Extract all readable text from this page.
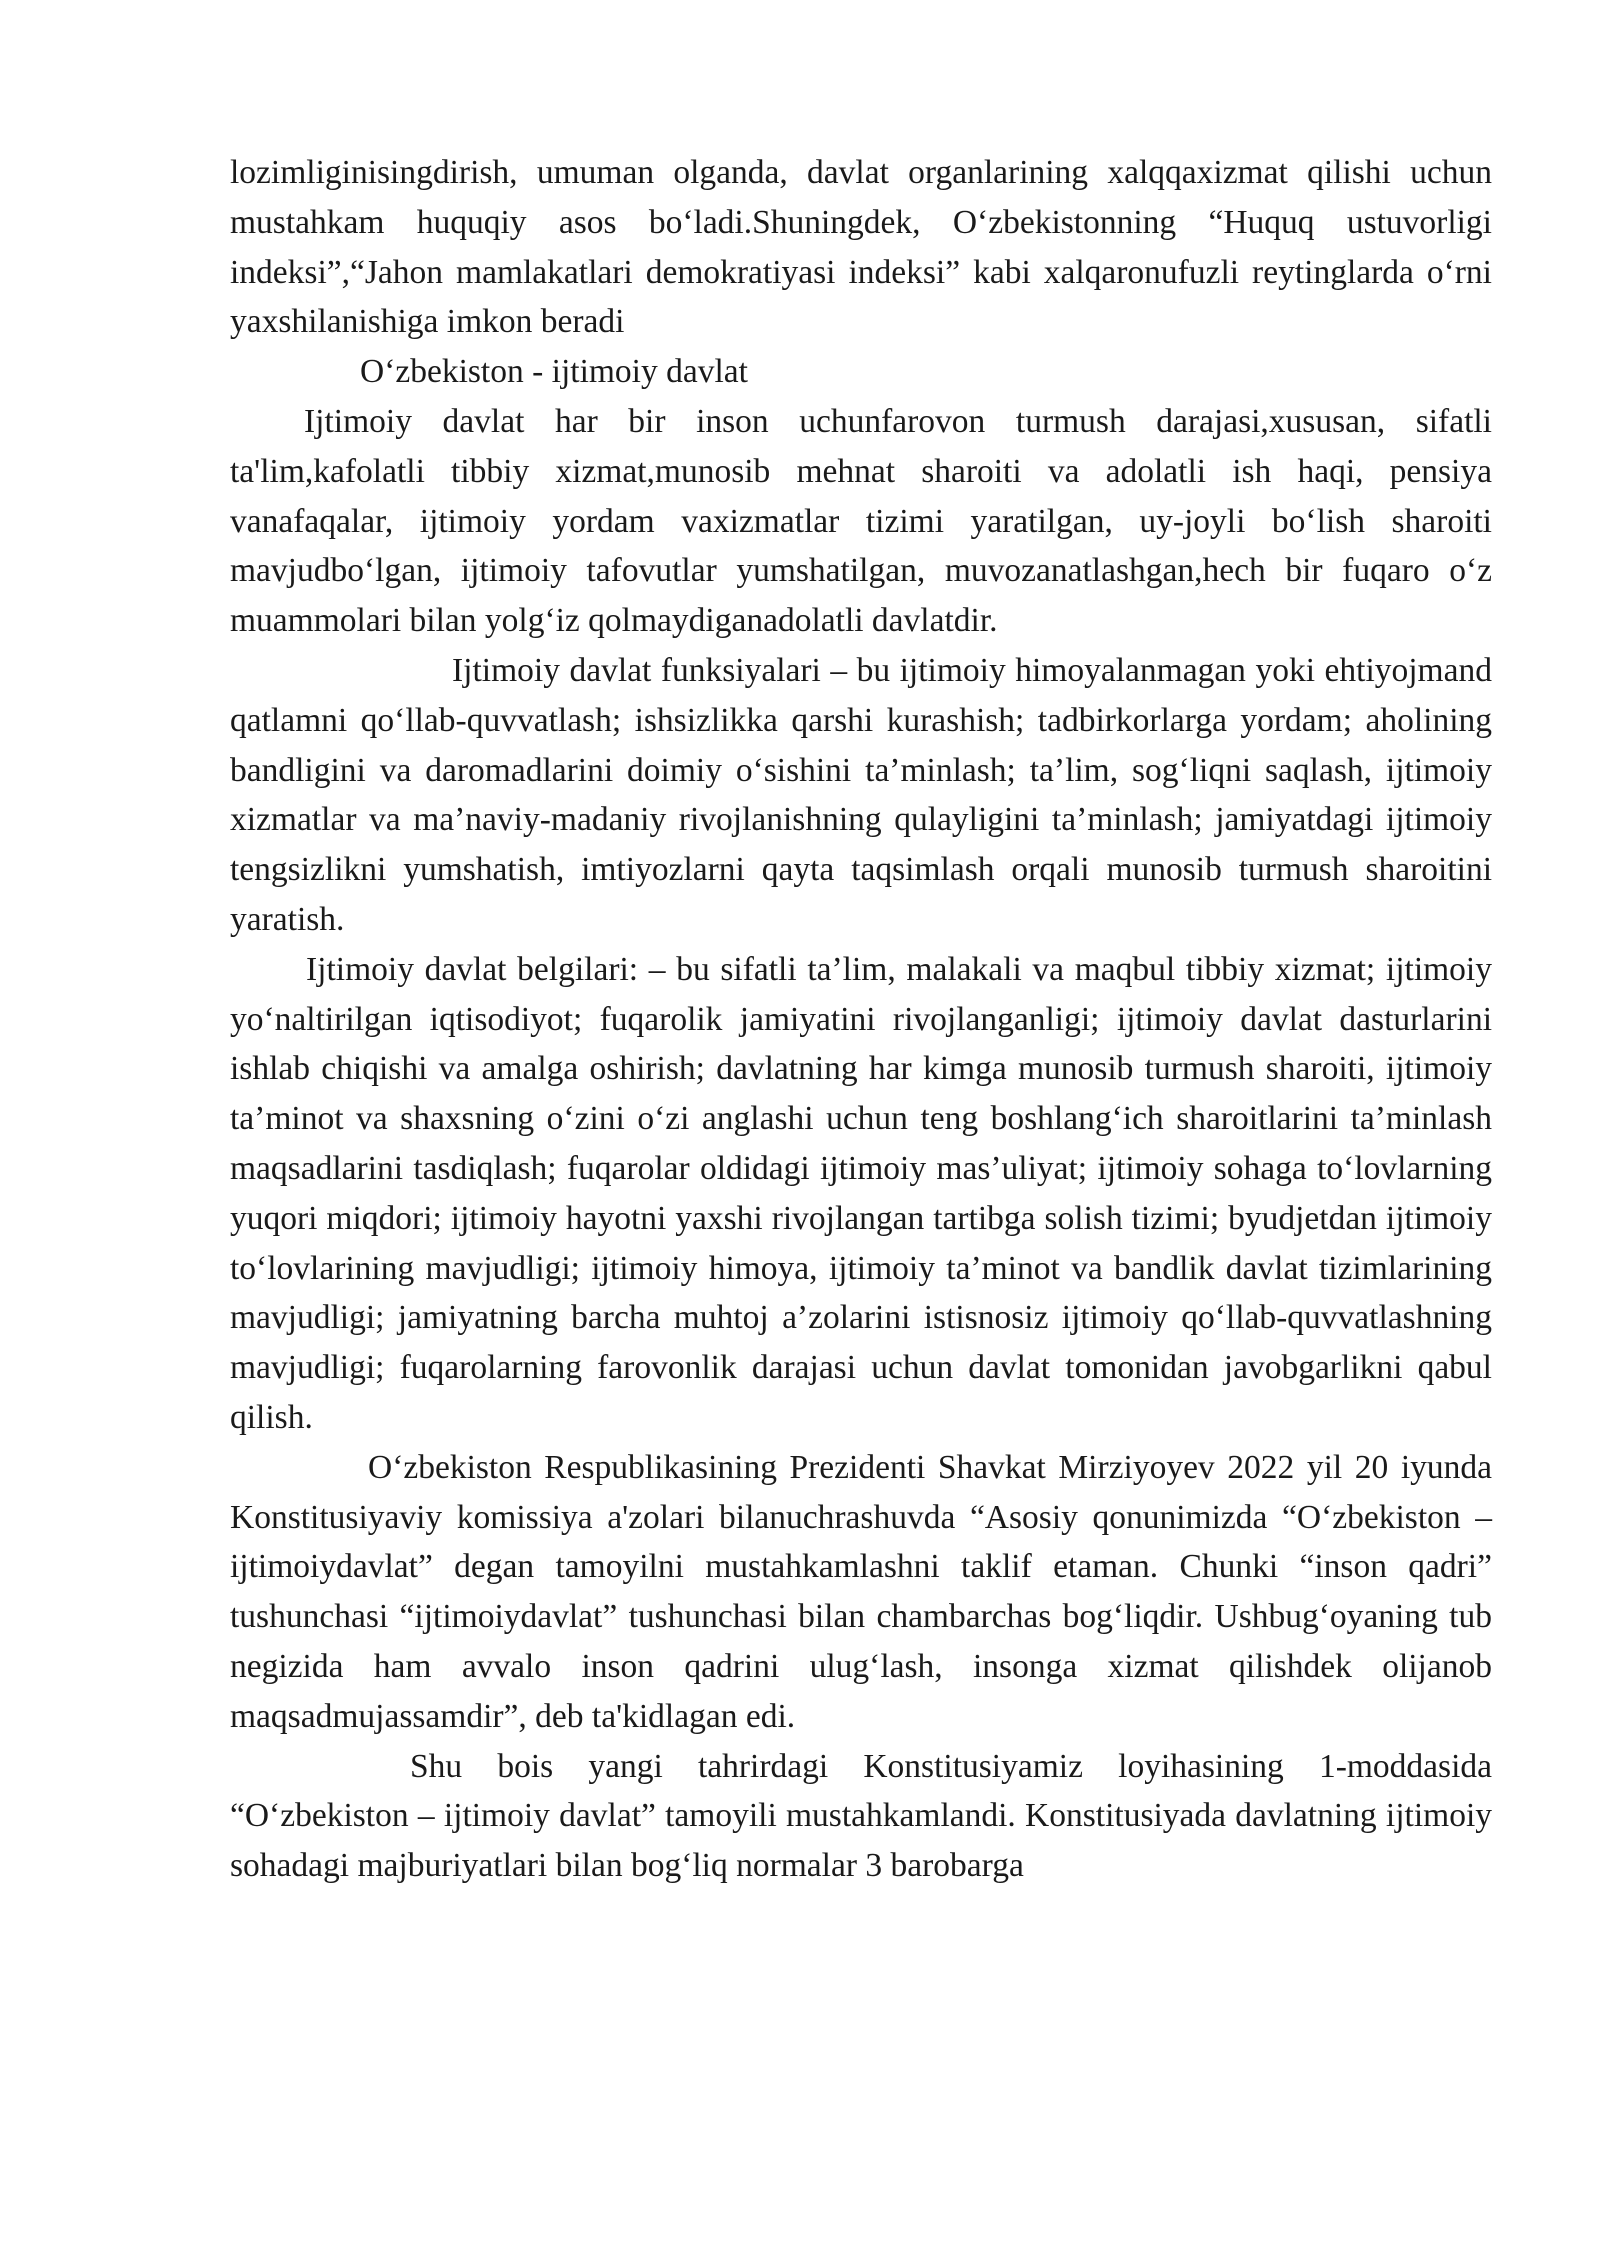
lozimliginisingdirish, umuman olganda, davlat organlarining xalqqaxizmat qilishi uchun mustahkam huquqiy asos bo‘ladi.Shuningdek, O‘zbekistonning “Huquq ustuvorligi indeksi”,“Jahon mamlakatlari demokratiyasi indeksi” kabi xalqaronufuzli reytinglarda o‘rni yaxshilanishiga imkon beradi

O‘zbekiston - ijtimoiy davlat

Ijtimoiy davlat har bir inson uchunfarovon turmush darajasi,xususan, sifatli ta'lim,kafolatli tibbiy xizmat,munosib mehnat sharoiti va adolatli ish haqi, pensiya vanafaqalar, ijtimoiy yordam vaxizmatlar tizimi yaratilgan, uy-joyli bo‘lish sharoiti mavjudbo‘lgan, ijtimoiy tafovutlar yumshatilgan, muvozanatlashgan,hech bir fuqaro o‘z muammolari bilan yolg‘iz qolmaydiganadolatli davlatdir.

Ijtimoiy davlat funksiyalari – bu ijtimoiy himoyalanmagan yoki ehtiyojmand qatlamni qo‘llab-quvvatlash; ishsizlikka qarshi kurashish; tadbirkorlarga yordam; aholining bandligini va daromadlarini doimiy o‘sishini ta’minlash; ta’lim, sog‘liqni saqlash, ijtimoiy xizmatlar va ma’naviy-madaniy rivojlanishning qulayligini ta’minlash; jamiyatdagi ijtimoiy tengsizlikni yumshatish, imtiyozlarni qayta taqsimlash orqali munosib turmush sharoitini yaratish.

Ijtimoiy davlat belgilari: – bu sifatli ta’lim, malakali va maqbul tibbiy xizmat; ijtimoiy yo‘naltirilgan iqtisodiyot; fuqarolik jamiyatini rivojlanganligi; ijtimoiy davlat dasturlarini ishlab chiqishi va amalga oshirish; davlatning har kimga munosib turmush sharoiti, ijtimoiy ta’minot va shaxsning o‘zini o‘zi anglashi uchun teng boshlang‘ich sharoitlarini ta’minlash maqsadlarini tasdiqlash; fuqarolar oldidagi ijtimoiy mas’uliyat; ijtimoiy sohaga to‘lovlarning yuqori miqdori; ijtimoiy hayotni yaxshi rivojlangan tartibga solish tizimi; byudjetdan ijtimoiy to‘lovlarining mavjudligi; ijtimoiy himoya, ijtimoiy ta’minot va bandlik davlat tizimlarining mavjudligi; jamiyatning barcha muhtoj a’zolarini istisnosiz ijtimoiy qo‘llab-quvvatlashning mavjudligi; fuqarolarning farovonlik darajasi uchun davlat tomonidan javobgarlikni qabul qilish.

O‘zbekiston Respublikasining Prezidenti Shavkat Mirziyoyev 2022 yil 20 iyunda Konstitusiyaviy komissiya a'zolari bilanuchrashuvda “Asosiy qonunimizda “O‘zbekiston – ijtimoiydavlat” degan tamoyilni mustahkamlashni taklif etaman. Chunki “inson qadri” tushunchasi “ijtimoiydavlat” tushunchasi bilan chambarchas bog‘liqdir. Ushbug‘oyaning tub negizida ham avvalo inson qadrini ulug‘lash, insonga xizmat qilishdek olijanob maqsadmujassamdir”, deb ta'kidlagan edi.

Shu bois yangi tahrirdagi Konstitusiyamiz loyihasining 1-moddasida “O‘zbekiston – ijtimoiy davlat” tamoyili mustahkamlandi. Konstitusiyada davlatning ijtimoiy sohadagi majburiyatlari bilan bog‘liq normalar 3 barobarga
